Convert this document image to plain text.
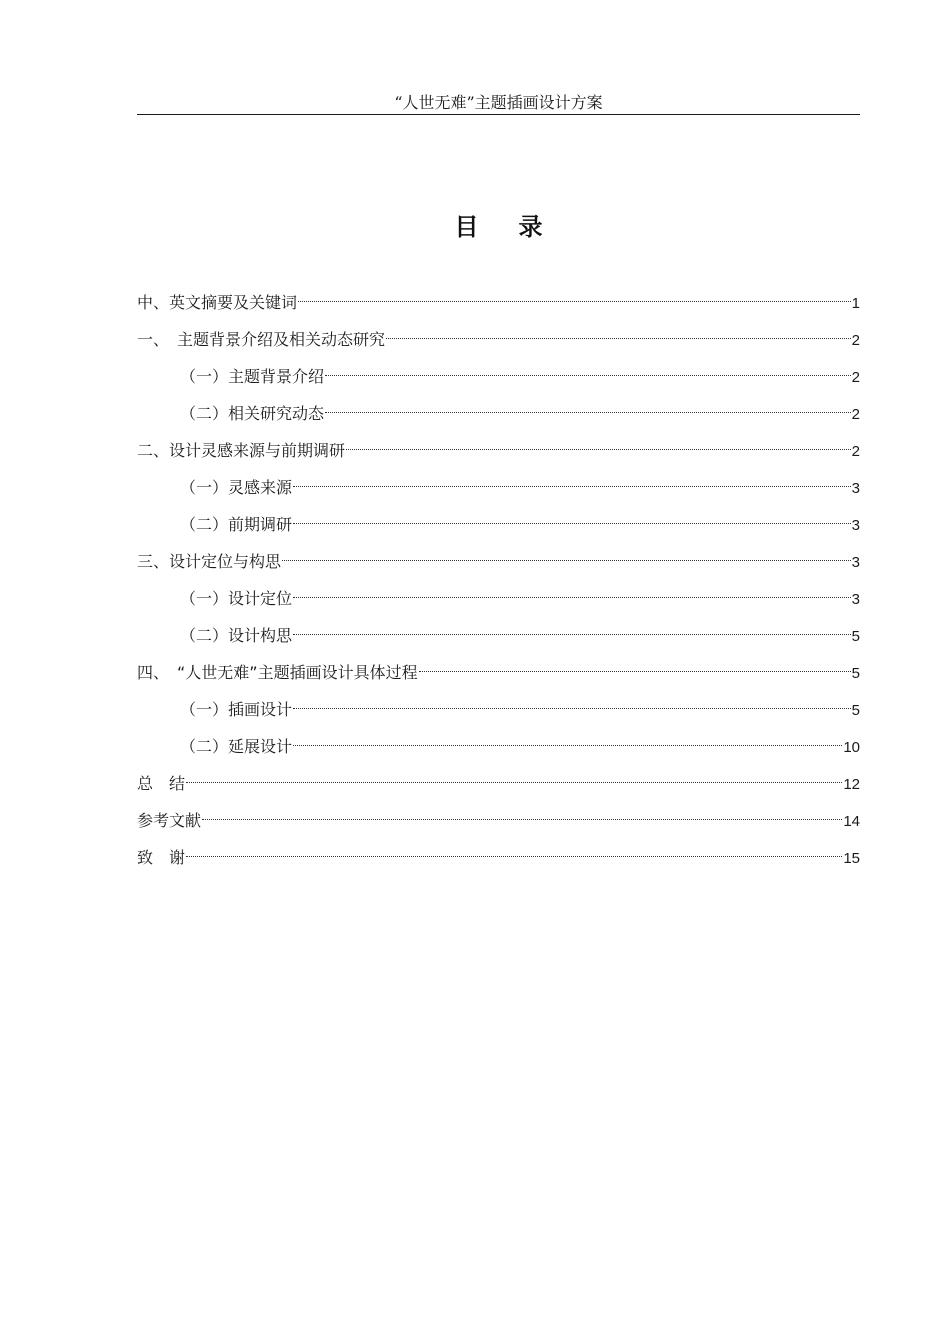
“人世无难”主题插画设计方案
目 录
中、英文摘要及关键词	1
一、　主题背景介绍及相关动态研究	2
（一）主题背景介绍	2
（二）相关研究动态	2
二、设计灵感来源与前期调研	2
（一）灵感来源	3
（二）前期调研	3
三、设计定位与构思	3
（一）设计定位	3
（二）设计构思	5
四、　“人世无难”主题插画设计具体过程	5
（一）插画设计	5
（二）延展设计	10
总　结	12
参考文献	14
致　谢	15
